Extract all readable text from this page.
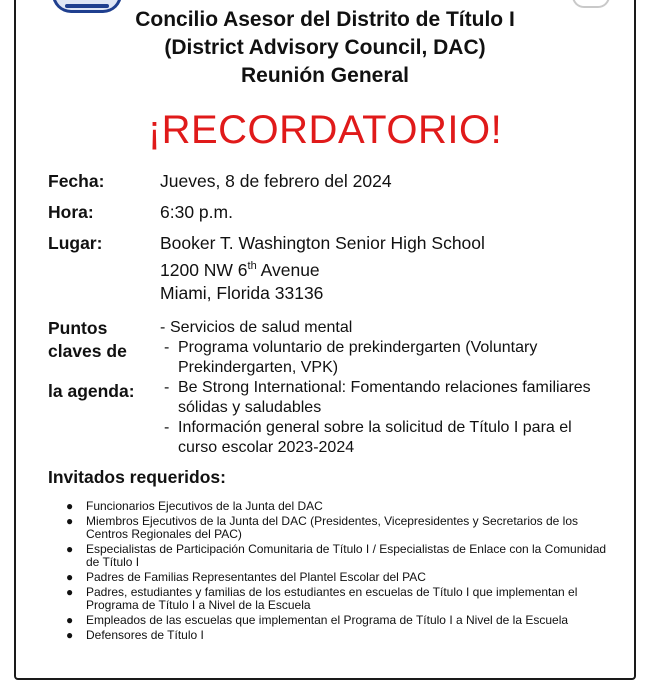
Concilio Asesor del Distrito de Título I
(District Advisory Council, DAC)
Reunión General
¡RECORDATORIO!
Fecha:	Jueves, 8 de febrero del 2024
Hora:	6:30 p.m.
Lugar:	Booker T. Washington Senior High School
1200 NW 6th Avenue
Miami, Florida 33136
Puntos
claves de
la agenda:
- Servicios de salud mental
- Programa voluntario de prekindergarten (Voluntary Prekindergarten, VPK)
- Be Strong International: Fomentando relaciones familiares sólidas y saludables
- Información general sobre la solicitud de Título I para el curso escolar 2023-2024
Invitados requeridos:
● Funcionarios Ejecutivos de la Junta del DAC
● Miembros Ejecutivos de la Junta del DAC (Presidentes, Vicepresidentes y Secretarios de los Centros Regionales del PAC)
● Especialistas de Participación Comunitaria de Título I / Especialistas de Enlace con la Comunidad de Título I
● Padres de Familias Representantes del Plantel Escolar del PAC
● Padres, estudiantes y familias de los estudiantes en escuelas de Título I que implementan el Programa de Título I a Nivel de la Escuela
● Empleados de las escuelas que implementan el Programa de Título I a Nivel de la Escuela
● Defensores de Título I
